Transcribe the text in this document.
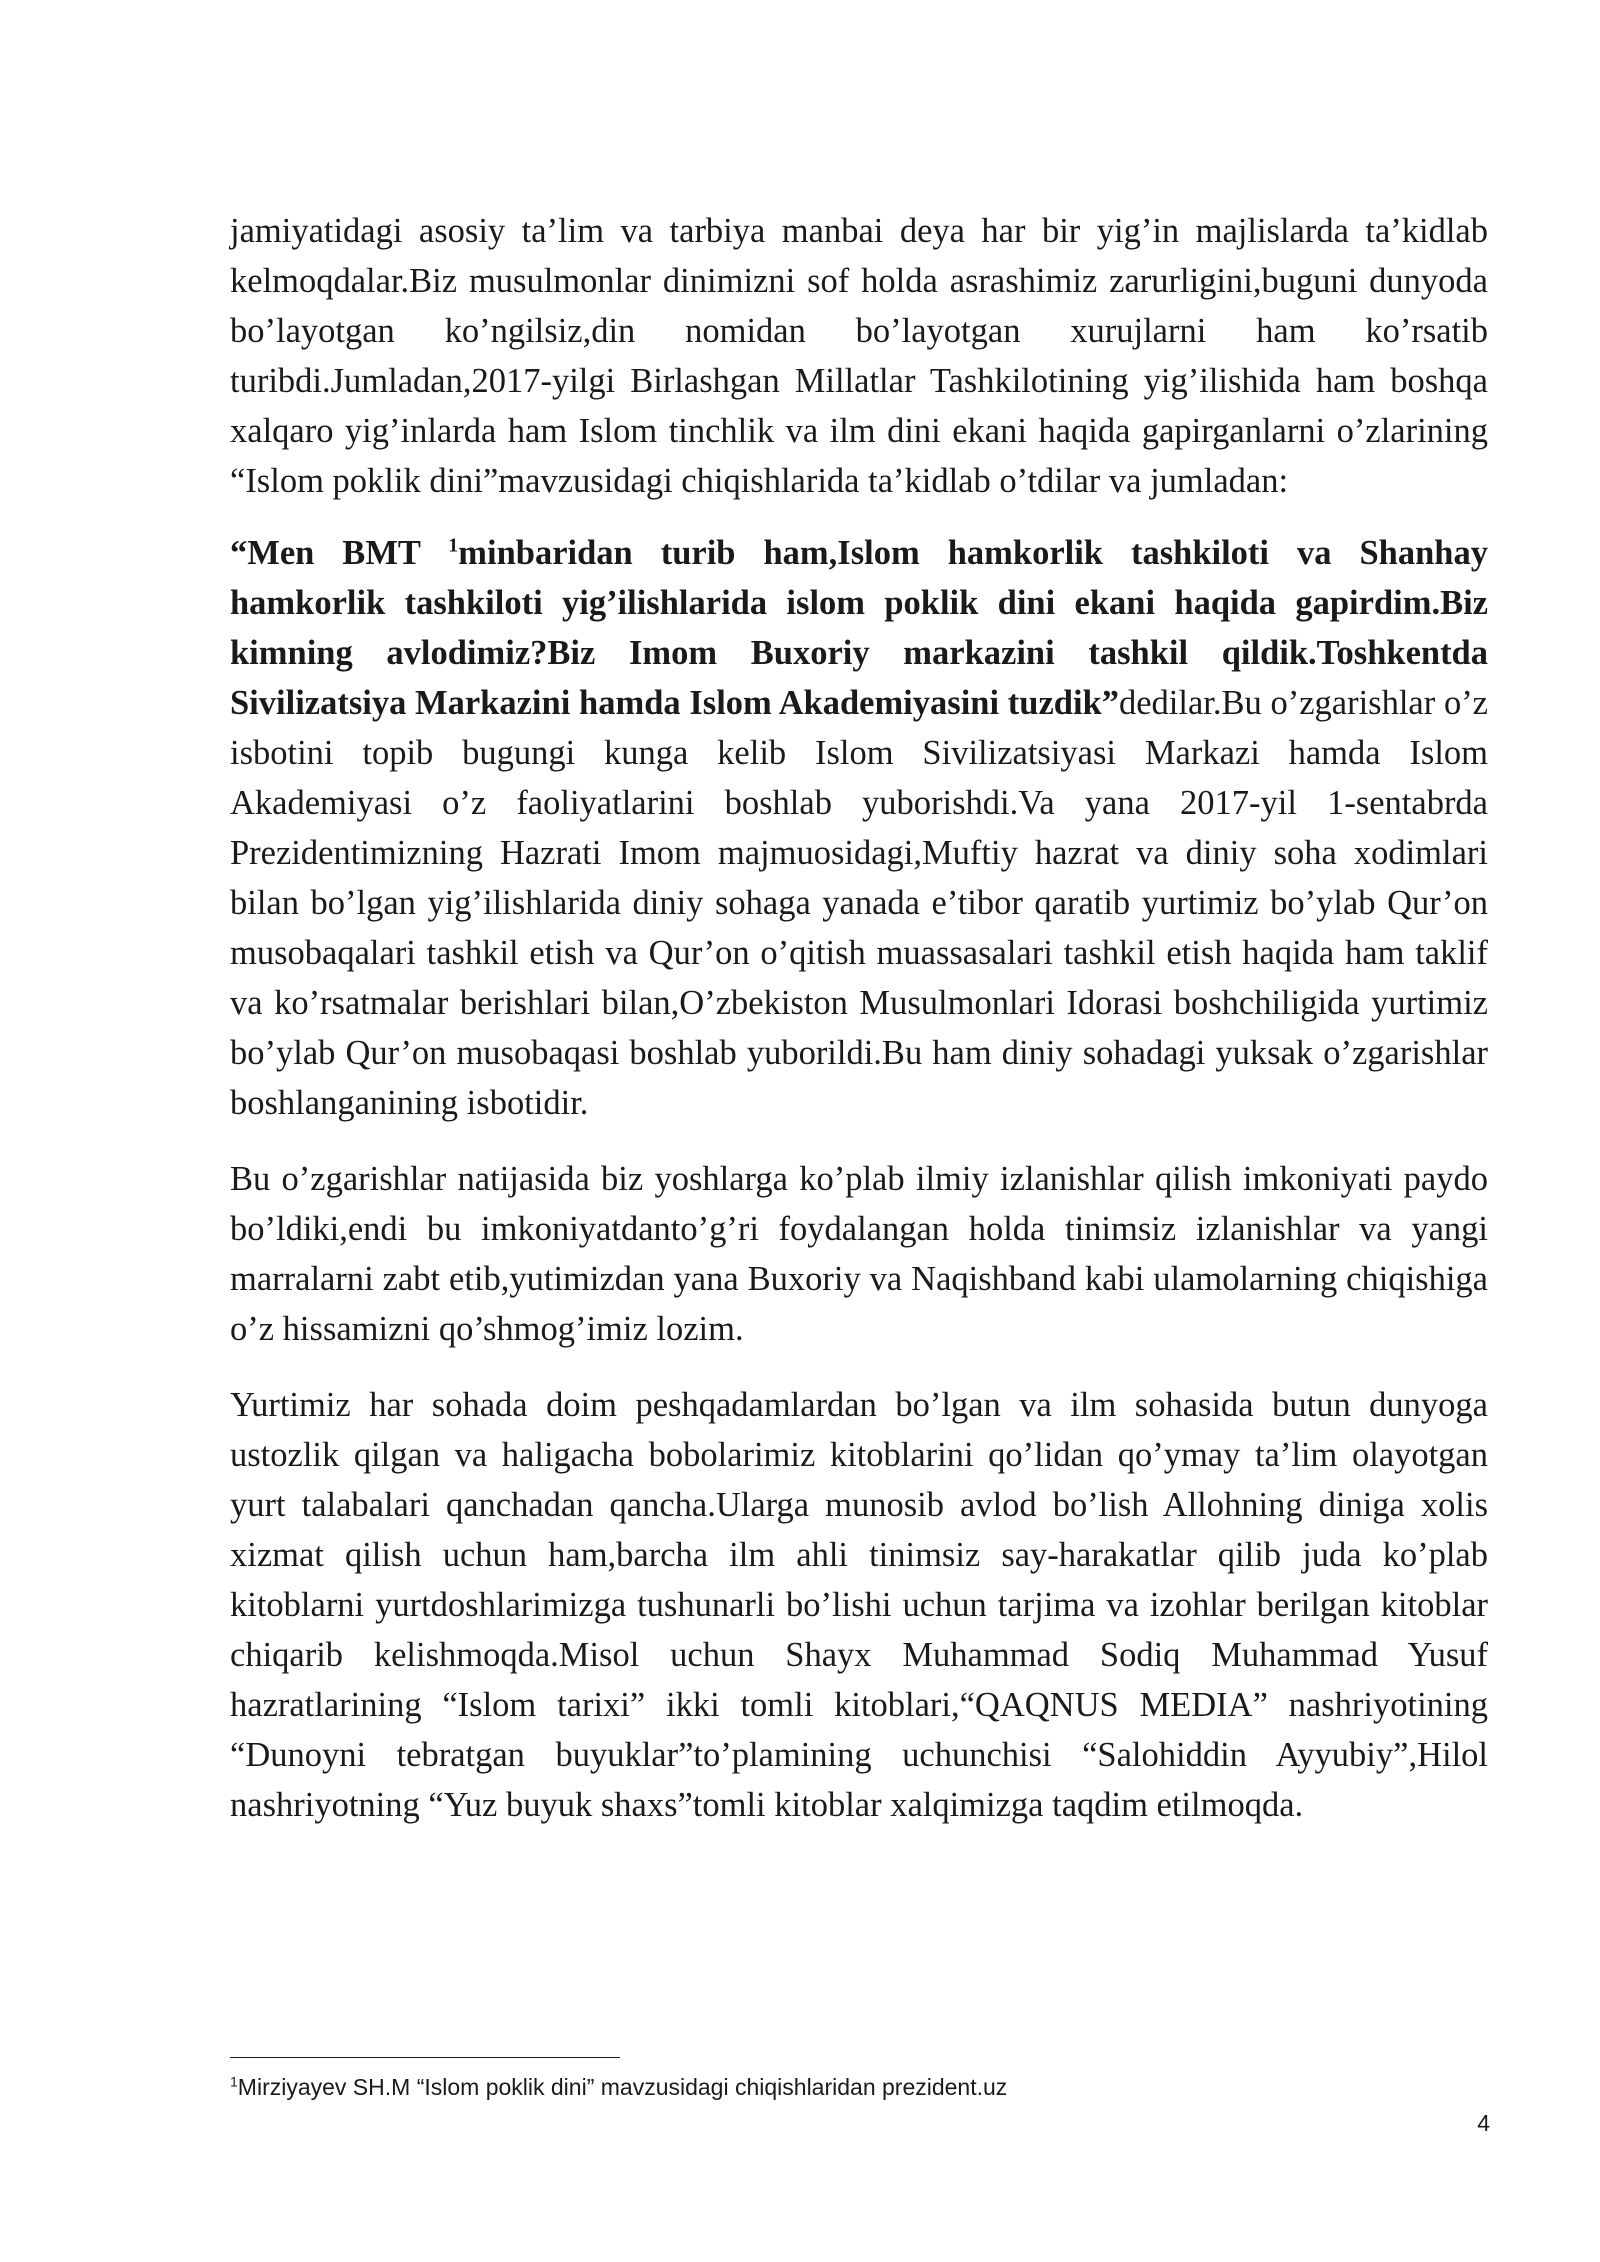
jamiyatidagi asosiy ta’lim va tarbiya manbai deya har bir yig’in majlislarda ta’kidlab kelmoqdalar.Biz musulmonlar dinimizni sof holda asrashimiz zarurligini,buguni dunyoda bo’layotgan ko’ngilsiz,din nomidan bo’layotgan xurujlarni ham ko’rsatib turibdi.Jumladan,2017-yilgi Birlashgan Millatlar Tashkilotining yig’ilishida ham boshqa xalqaro yig’inlarda ham Islom tinchlik va ilm dini ekani haqida gapirganlarni o’zlarining “Islom poklik dini”mavzusidagi chiqishlarida ta’kidlab o’tdilar va jumladan:

“Men BMT $^1$minbaridan turib ham,Islom hamkorlik tashkiloti va Shanhay hamkorlik tashkiloti yig’ilishlarida islom poklik dini ekani haqida gapirdim.Biz kimning avlodimiz?Biz Imom Buxoriy markazini tashkil qildik.Toshkentda Sivilizatsiya Markazini hamda Islom Akademiyasini tuzdik”dedilar.Bu o’zgarishlar o’z isbotini topib bugungi kunga kelib Islom Sivilizatsiyasi Markazi hamda Islom Akademiyasi o’z faoliyatlarini boshlab yuborishdi.Va yana 2017-yil 1-sentabrda Prezidentimizning Hazrati Imom majmuosidagi,Muftiy hazrat va diniy soha xodimlari bilan bo’lgan yig’ilishlarida diniy sohaga yanada e’tibor qaratib yurtimiz bo’ylab Qur’on musobaqalari tashkil etish va Qur’on o’qitish muassasalari tashkil etish haqida ham taklif va ko’rsatmalar berishlari bilan,O’zbekiston Musulmonlari Idorasi boshchiligida yurtimiz bo’ylab Qur’on musobaqasi boshlab yuborildi.Bu ham diniy sohadagi yuksak o’zgarishlar boshlanganining isbotidir.

Bu o’zgarishlar natijasida biz yoshlarga ko’plab ilmiy izlanishlar qilish imkoniyati paydo bo’ldiki,endi bu imkoniyatdanto’g’ri foydalangan holda tinimsiz izlanishlar va yangi marralarni zabt etib,yutimizdan yana Buxoriy va Naqishband kabi ulamolarning chiqishiga o’z hissamizni qo’shmog’imiz lozim.

Yurtimiz har sohada doim peshqadamlardan bo’lgan va ilm sohasida butun dunyoga ustozlik qilgan va haligacha bobolarimiz kitoblarini qo’lidan qo’ymay ta’lim olayotgan yurt talabalari qanchadan qancha.Ularga munosib avlod bo’lish Allohning diniga xolis xizmat qilish uchun ham,barcha ilm ahli tinimsiz say-harakatlar qilib juda ko’plab kitoblarni yurtdoshlarimizga tushunarli bo’lishi uchun tarjima va izohlar berilgan kitoblar chiqarib kelishmoqda.Misol uchun Shayx Muhammad Sodiq Muhammad Yusuf hazratlarining “Islom tarixi” ikki tomli kitoblari,“QAQNUS MEDIA” nashriyotining “Dunoyni tebratgan buyuklar”to’plamining uchunchisi “Salohiddin Ayyubiy”,Hilol nashriyotning “Yuz buyuk shaxs”tomli kitoblar xalqimizga taqdim etilmoqda.

$^1$Mirziyayev SH.M “Islom poklik dini” mavzusidagi chiqishlaridan prezident.uz
4
